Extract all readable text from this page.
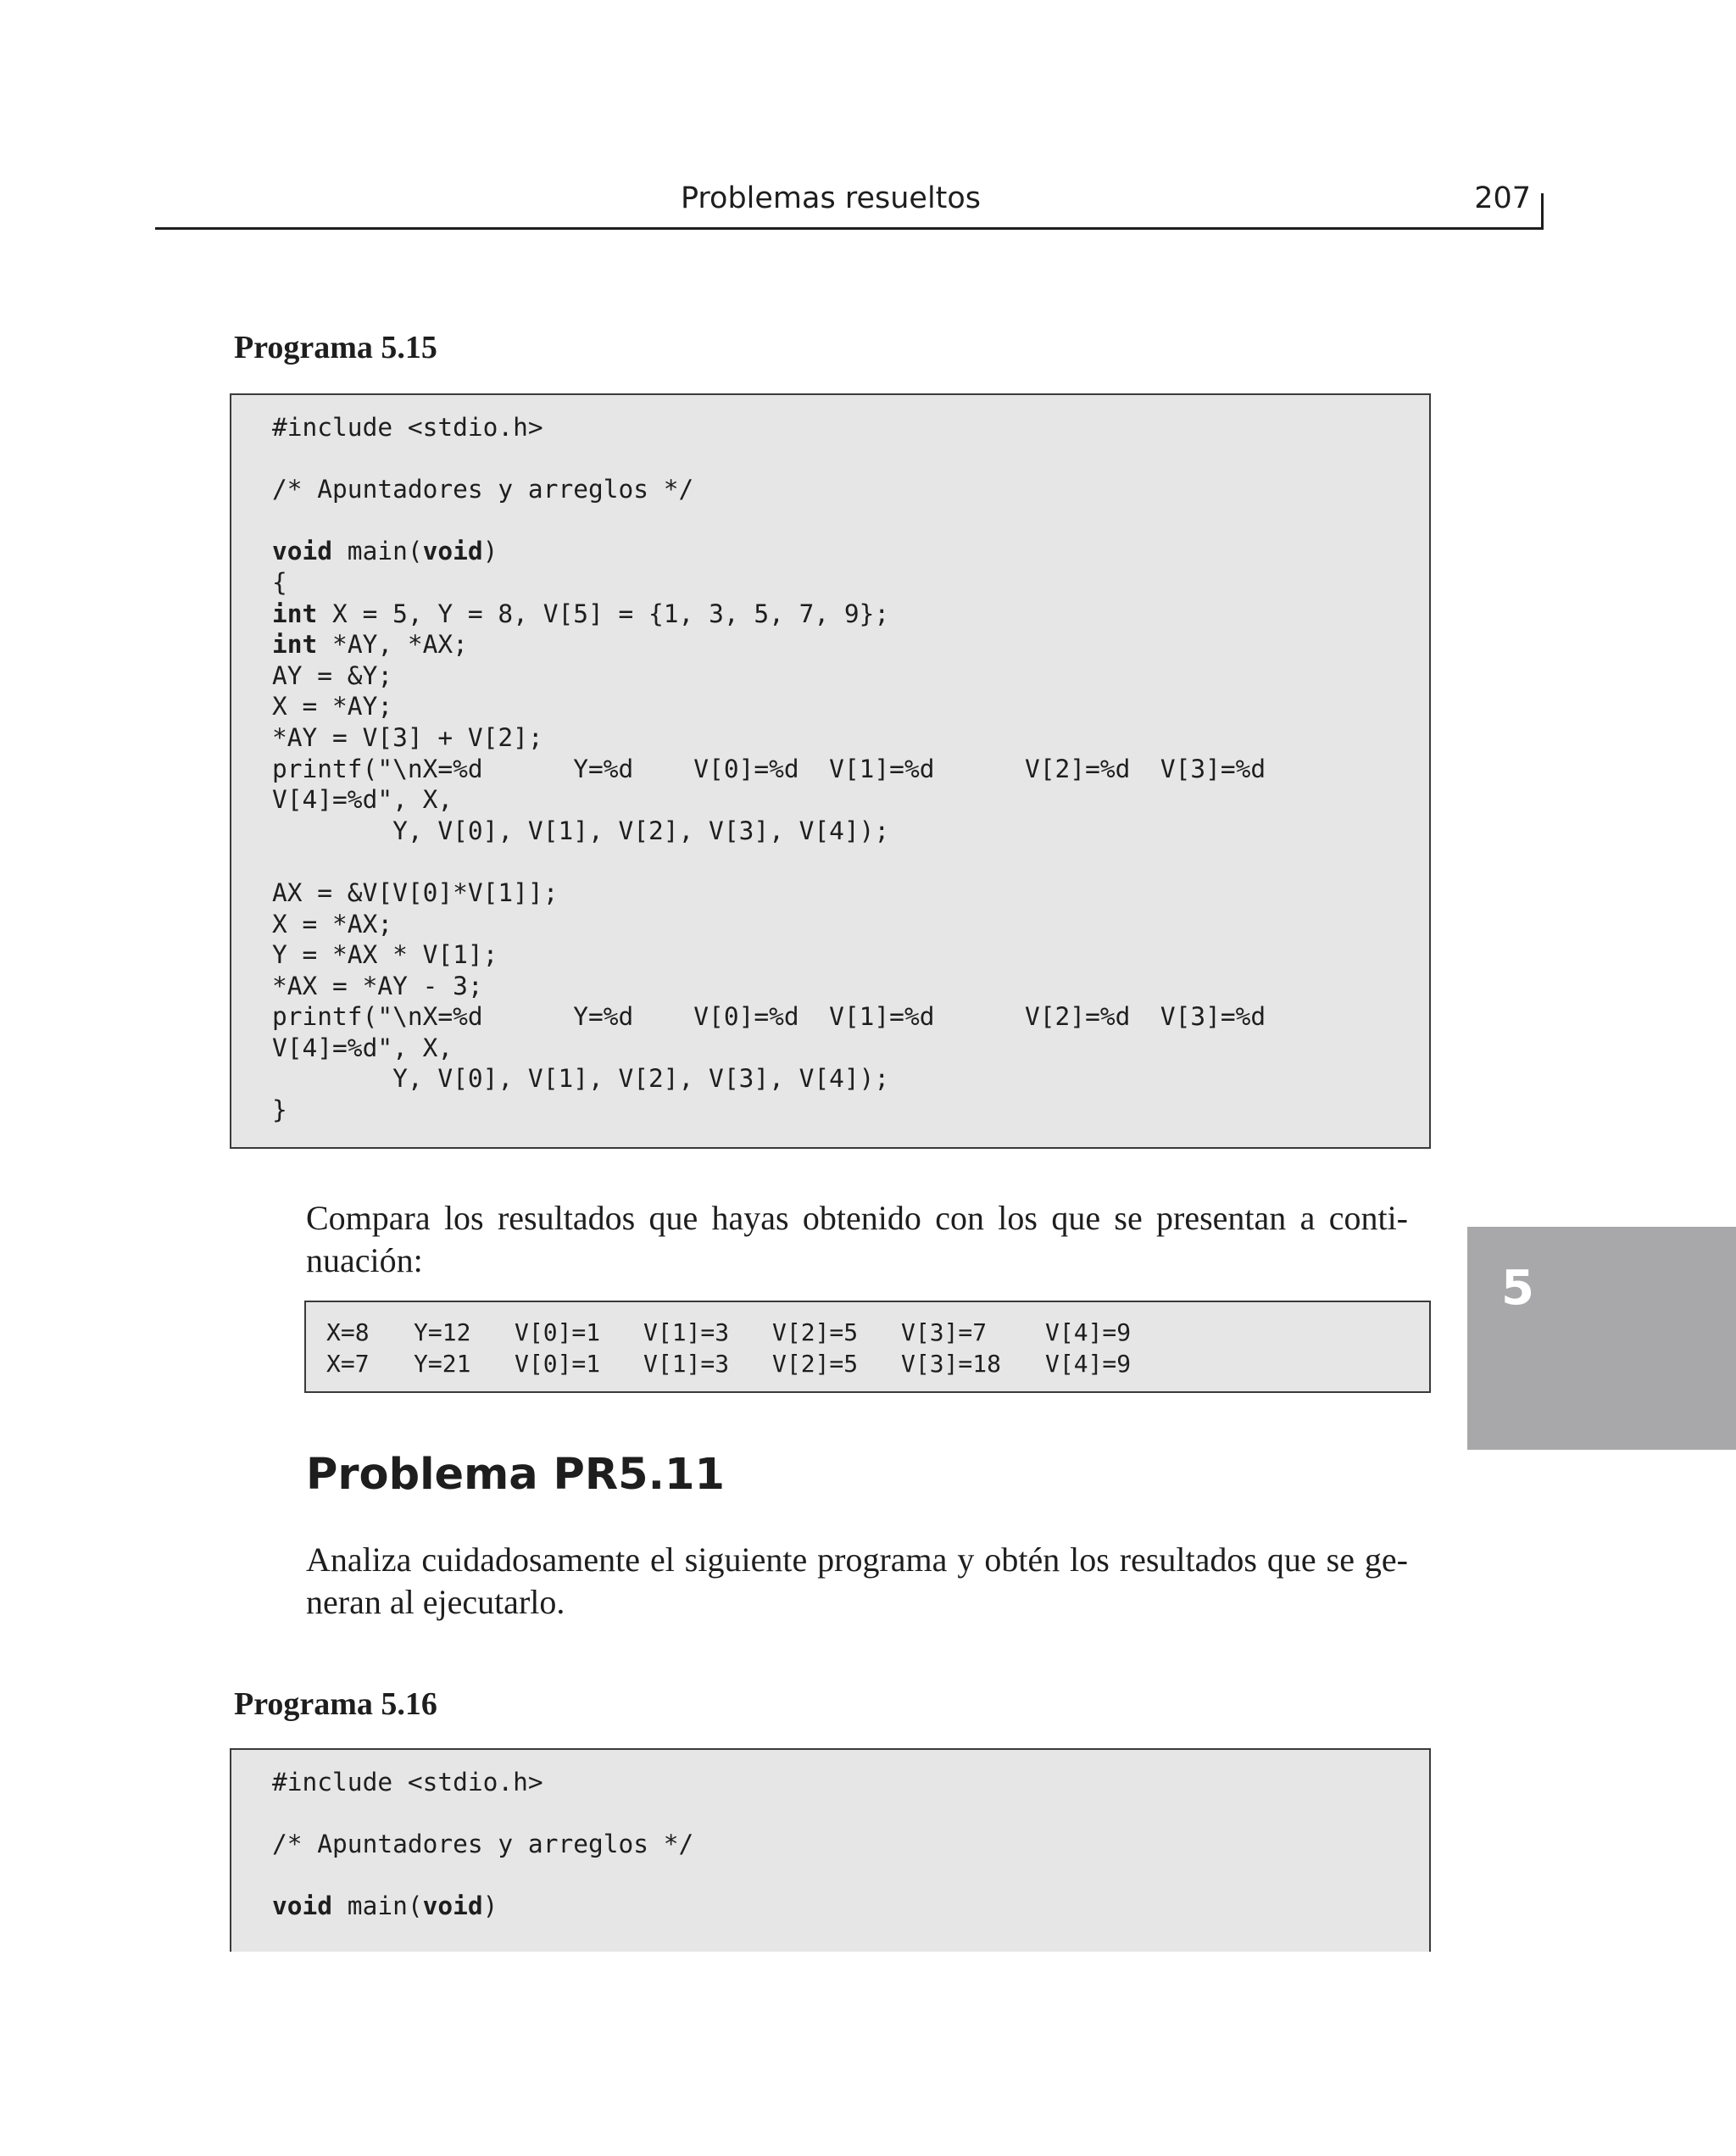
Problemas resueltos	207
Programa 5.15
#include <stdio.h>
/* Apuntadores y arreglos */
void main(void)
{
int X = 5, Y = 8, V[5] = {1, 3, 5, 7, 9};
int *AY, *AX;
AY = &Y;
X = *AY;
*AY = V[3] + V[2];
printf("\nX=%d      Y=%d    V[0]=%d  V[1]=%d      V[2]=%d  V[3]=%d
V[4]=%d", X,
Y, V[0], V[1], V[2], V[3], V[4]);
AX = &V[V[0]*V[1]];
X = *AX;
Y = *AX * V[1];
*AX = *AY - 3;
printf("\nX=%d      Y=%d    V[0]=%d  V[1]=%d      V[2]=%d  V[3]=%d
V[4]=%d", X,
Y, V[0], V[1], V[2], V[3], V[4]);
}
Compara los resultados que hayas obtenido con los que se presentan a conti-
nuación:
X=8	Y=12	V[0]=1	V[1]=3	V[2]=5	V[3]=7	V[4]=9
X=7	Y=21	V[0]=1	V[1]=3	V[2]=5	V[3]=18	V[4]=9
Problema PR5.11
Analiza cuidadosamente el siguiente programa y obtén los resultados que se ge-
neran al ejecutarlo.
Programa 5.16
#include <stdio.h>
/* Apuntadores y arreglos */
void main(void)
5
